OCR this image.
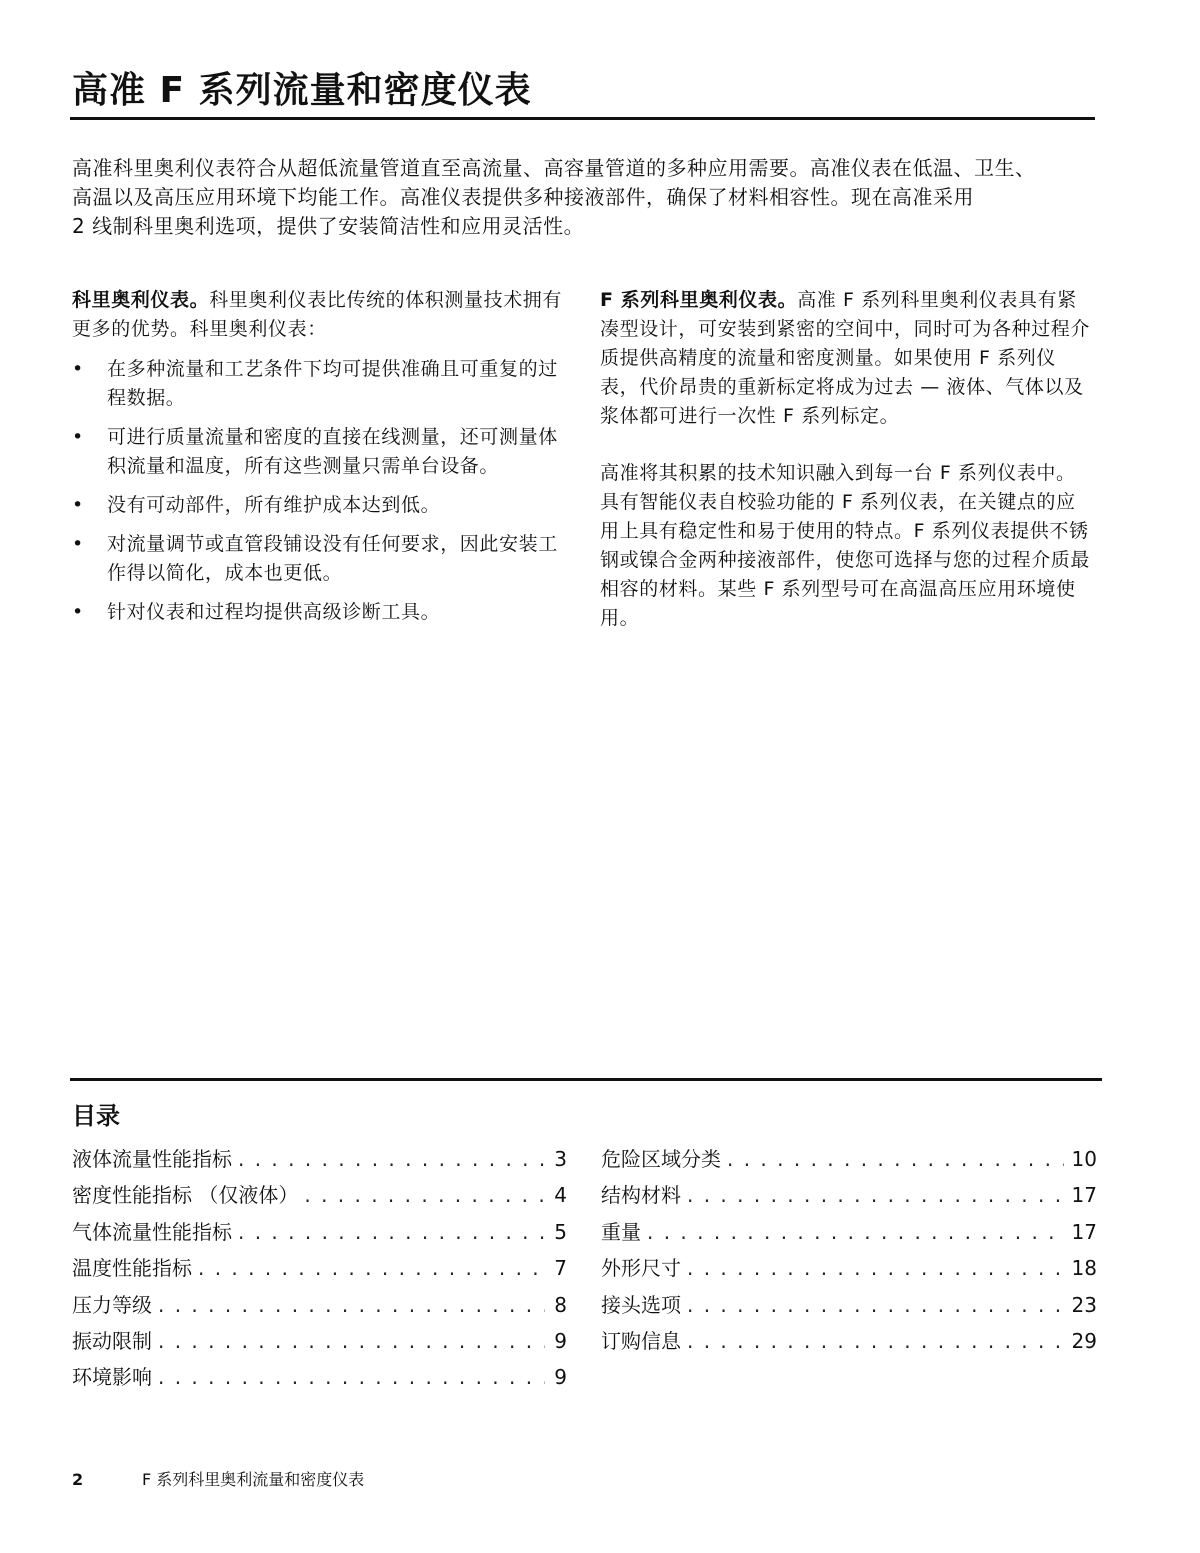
高准 F 系列流量和密度仪表

高准科里奥利仪表符合从超低流量管道直至高流量、高容量管道的多种应用需要。高准仪表在低温、卫生、
高温以及高压应用环境下均能工作。高准仪表提供多种接液部件，确保了材料相容性。现在高准采用
2 线制科里奥利选项，提供了安装简洁性和应用灵活性。

科里奥利仪表。科里奥利仪表比传统的体积测量技术拥有更多的优势。科里奥利仪表：

• 在多种流量和工艺条件下均可提供准确且可重复的过程数据。
• 可进行质量流量和密度的直接在线测量，还可测量体积流量和温度，所有这些测量只需单台设备。
• 没有可动部件，所有维护成本达到低。
• 对流量调节或直管段铺设没有任何要求，因此安装工作得以简化，成本也更低。
• 针对仪表和过程均提供高级诊断工具。

F 系列科里奥利仪表。高准 F 系列科里奥利仪表具有紧凑型设计，可安装到紧密的空间中，同时可为各种过程介质提供高精度的流量和密度测量。如果使用 F 系列仪表，代价昂贵的重新标定将成为过去 — 液体、气体以及浆体都可进行一次性 F 系列标定。

高准将其积累的技术知识融入到每一台 F 系列仪表中。具有智能仪表自校验功能的 F 系列仪表，在关键点的应用上具有稳定性和易于使用的特点。F 系列仪表提供不锈钢或镍合金两种接液部件，使您可选择与您的过程介质最相容的材料。某些 F 系列型号可在高温高压应用环境使用。

目录
液体流量性能指标 . . .	3
密度性能指标 （仅液体） . . .	4
气体流量性能指标 . . .	5
温度性能指标 . . .	7
压力等级 . . .	8
振动限制 . . .	9
环境影响 . . .	9
危险区域分类 . . .	10
结构材料 . . .	17
重量 . . .	17
外形尺寸 . . .	18
接头选项 . . .	23
订购信息 . . .	29
2	F 系列科里奥利流量和密度仪表
